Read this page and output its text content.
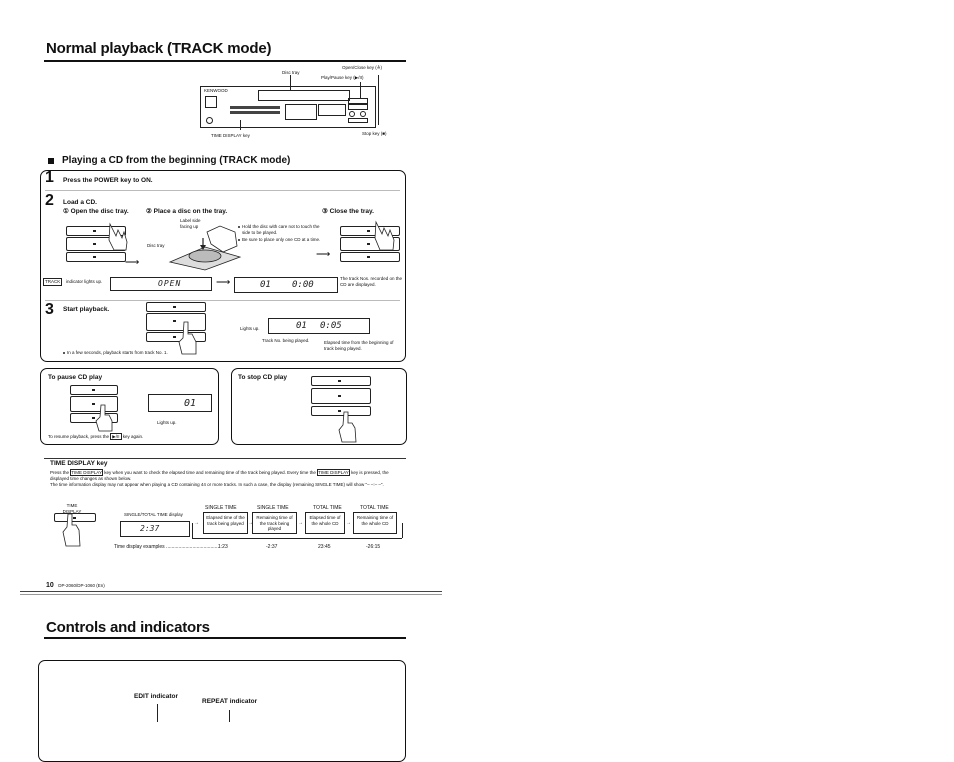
Normal playback (TRACK mode)
KENWOOD
Disc tray
Open/Close key (≜)
Play/Pause key (▶/II)
Stop key (■)
TIME DISPLAY key
Playing a CD from the beginning (TRACK mode)
1 Press the POWER key to ON.
2 Load a CD.
① Open the disc tray.	② Place a disc on the tray.	③ Close the tray.
⟶
Label side facing up
Disc tray
Hold the disc with care not to touch the side to be played.
Be sure to place only one CD at a time.
⟶
TRACK	indicator lights up.	OPEN	⟶	01 0:00
The track Nos. recorded on the CD are displayed.
3 Start playback.
01 0:05
Lights up.
Track No. being played.	Elapsed time from the beginning of track being played.
In a few seconds, playback starts from track No. 1.
To pause CD play
01
Lights up.
To resume playback, press the ▶/II key again.
To stop CD play
TIME DISPLAY key
Press the TIME DISPLAY key when you want to check the elapsed time and remaining time of the track being played. Every time the TIME DISPLAY key is pressed, the displayed time changes as shown below.
The time information display may not appear when playing a CD containing 44 or more tracks. In such a case, the display (remaining SINGLE TIME) will show "– –:– –".
TIME DISPLAY
SINGLE/TOTAL TIME display
2:37
SINGLE TIME	SINGLE TIME	TOTAL TIME	TOTAL TIME
Elapsed time of the track being played
Remaining time of the track being played
Elapsed time of the whole CD
Remaining time of the whole CD
→	→	→	→
Time display examples ...................................... 1:23	-2:37	23:45	-26:15
10 DP-2060/DP-1060 (En)
Controls and indicators
EDIT indicator
REPEAT indicator
